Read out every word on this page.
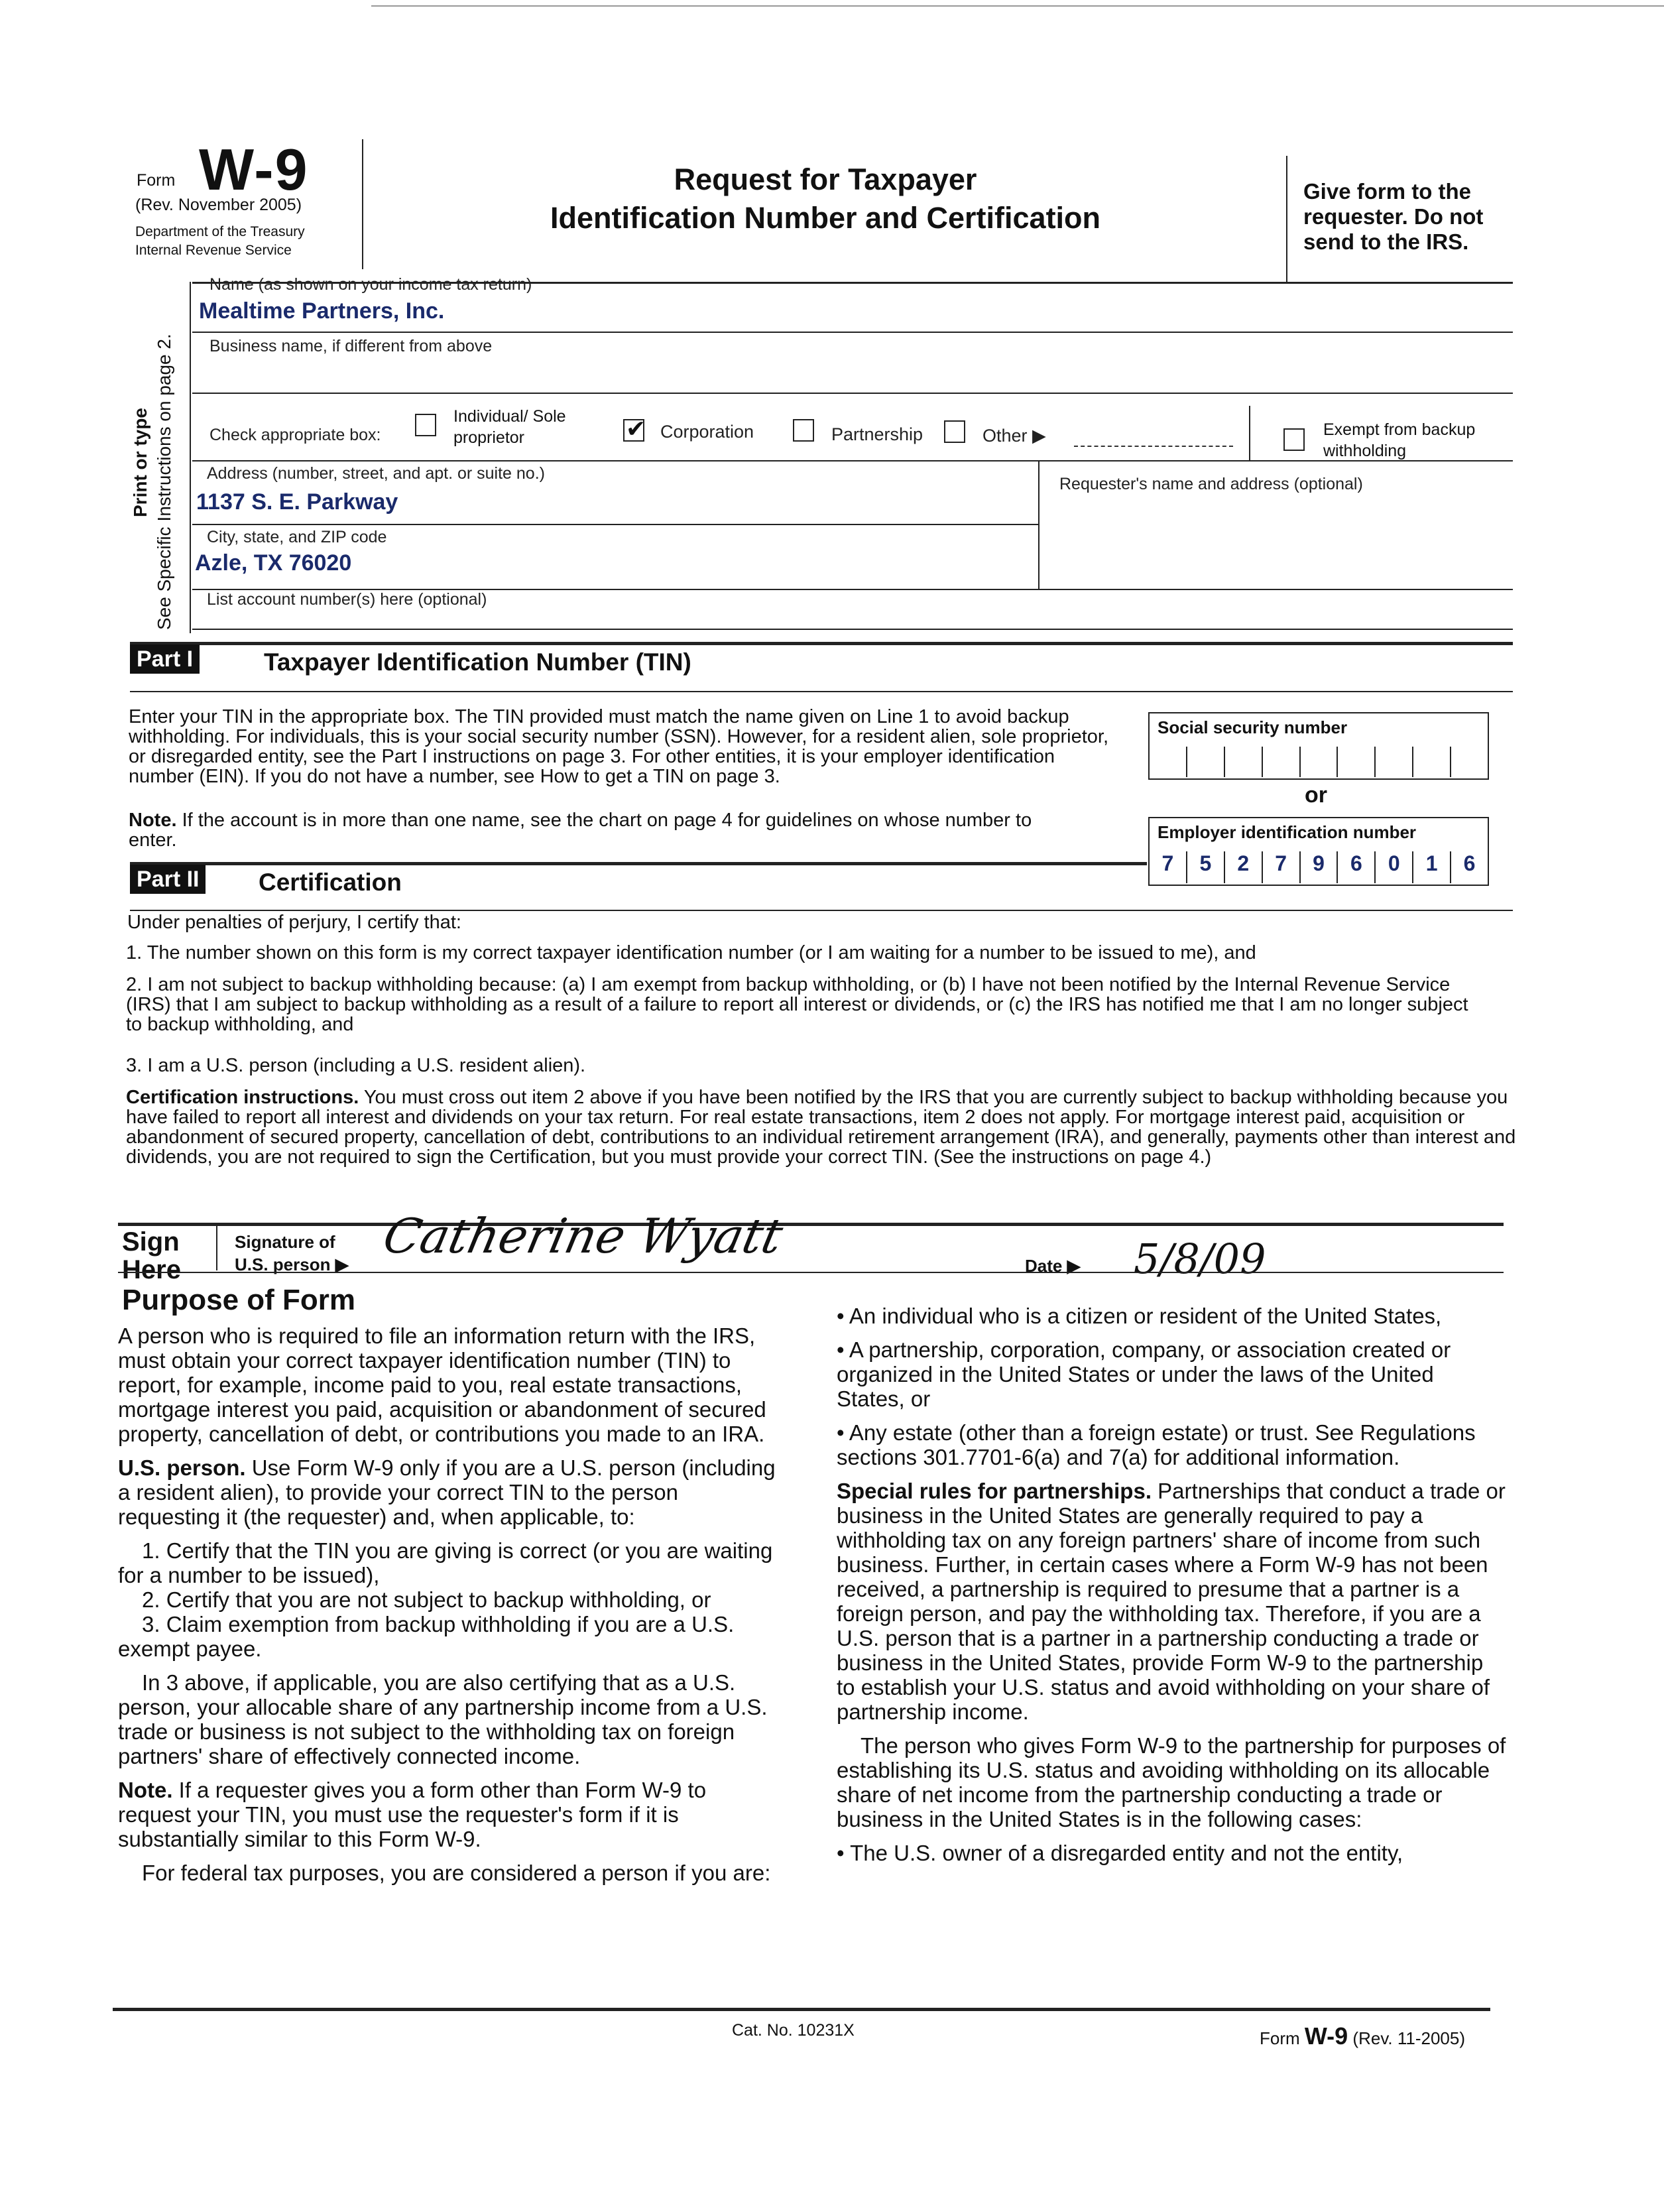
Form W-9
(Rev. November 2005)
Department of the Treasury
Internal Revenue Service
Request for Taxpayer
Identification Number and Certification
Give form to the requester. Do not send to the IRS.
Print or type See Specific Instructions on page 2.
Name (as shown on your income tax return)
Mealtime Partners, Inc.
Business name, if different from above
Check appropriate box:
Individual/ Sole proprietor	✔ Corporation	Partnership	Other ▶	Exempt from backup withholding
Address (number, street, and apt. or suite no.)
1137 S. E. Parkway
Requester's name and address (optional)
City, state, and ZIP code
Azle, TX 76020
List account number(s) here (optional)
Part I	Taxpayer Identification Number (TIN)
Enter your TIN in the appropriate box. The TIN provided must match the name given on Line 1 to avoid backup withholding. For individuals, this is your social security number (SSN). However, for a resident alien, sole proprietor, or disregarded entity, see the Part I instructions on page 3. For other entities, it is your employer identification number (EIN). If you do not have a number, see How to get a TIN on page 3.
Note. If the account is in more than one name, see the chart on page 4 for guidelines on whose number to enter.
Social security number
or
Employer identification number
7	5	2	7	9	6	0	1	6
Part II Certification
Under penalties of perjury, I certify that:
1. The number shown on this form is my correct taxpayer identification number (or I am waiting for a number to be issued to me), and
2. I am not subject to backup withholding because: (a) I am exempt from backup withholding, or (b) I have not been notified by the Internal Revenue Service (IRS) that I am subject to backup withholding as a result of a failure to report all interest or dividends, or (c) the IRS has notified me that I am no longer subject to backup withholding, and
3. I am a U.S. person (including a U.S. resident alien).
Certification instructions. You must cross out item 2 above if you have been notified by the IRS that you are currently subject to backup withholding because you have failed to report all interest and dividends on your tax return. For real estate transactions, item 2 does not apply. For mortgage interest paid, acquisition or abandonment of secured property, cancellation of debt, contributions to an individual retirement arrangement (IRA), and generally, payments other than interest and dividends, you are not required to sign the Certification, but you must provide your correct TIN. (See the instructions on page 4.)
Sign Here
Signature of U.S. person ▶
Catherine Wyatt
Date ▶ 5/8/09
Purpose of Form

A person who is required to file an information return with the IRS, must obtain your correct taxpayer identification number (TIN) to report, for example, income paid to you, real estate transactions, mortgage interest you paid, acquisition or abandonment of secured property, cancellation of debt, or contributions you made to an IRA.

U.S. person. Use Form W-9 only if you are a U.S. person (including a resident alien), to provide your correct TIN to the person requesting it (the requester) and, when applicable, to:

1. Certify that the TIN you are giving is correct (or you are waiting for a number to be issued),

2. Certify that you are not subject to backup withholding, or

3. Claim exemption from backup withholding if you are a U.S. exempt payee.

In 3 above, if applicable, you are also certifying that as a U.S. person, your allocable share of any partnership income from a U.S. trade or business is not subject to the withholding tax on foreign partners' share of effectively connected income.

Note. If a requester gives you a form other than Form W-9 to request your TIN, you must use the requester's form if it is substantially similar to this Form W-9.

For federal tax purposes, you are considered a person if you are:

• An individual who is a citizen or resident of the United States,

• A partnership, corporation, company, or association created or organized in the United States or under the laws of the United States, or

• Any estate (other than a foreign estate) or trust. See Regulations sections 301.7701-6(a) and 7(a) for additional information.

Special rules for partnerships. Partnerships that conduct a trade or business in the United States are generally required to pay a withholding tax on any foreign partners' share of income from such business. Further, in certain cases where a Form W-9 has not been received, a partnership is required to presume that a partner is a foreign person, and pay the withholding tax. Therefore, if you are a U.S. person that is a partner in a partnership conducting a trade or business in the United States, provide Form W-9 to the partnership to establish your U.S. status and avoid withholding on your share of partnership income.

The person who gives Form W-9 to the partnership for purposes of establishing its U.S. status and avoiding withholding on its allocable share of net income from the partnership conducting a trade or business in the United States is in the following cases:

• The U.S. owner of a disregarded entity and not the entity,

Cat. No. 10231X	Form W-9 (Rev. 11-2005)
